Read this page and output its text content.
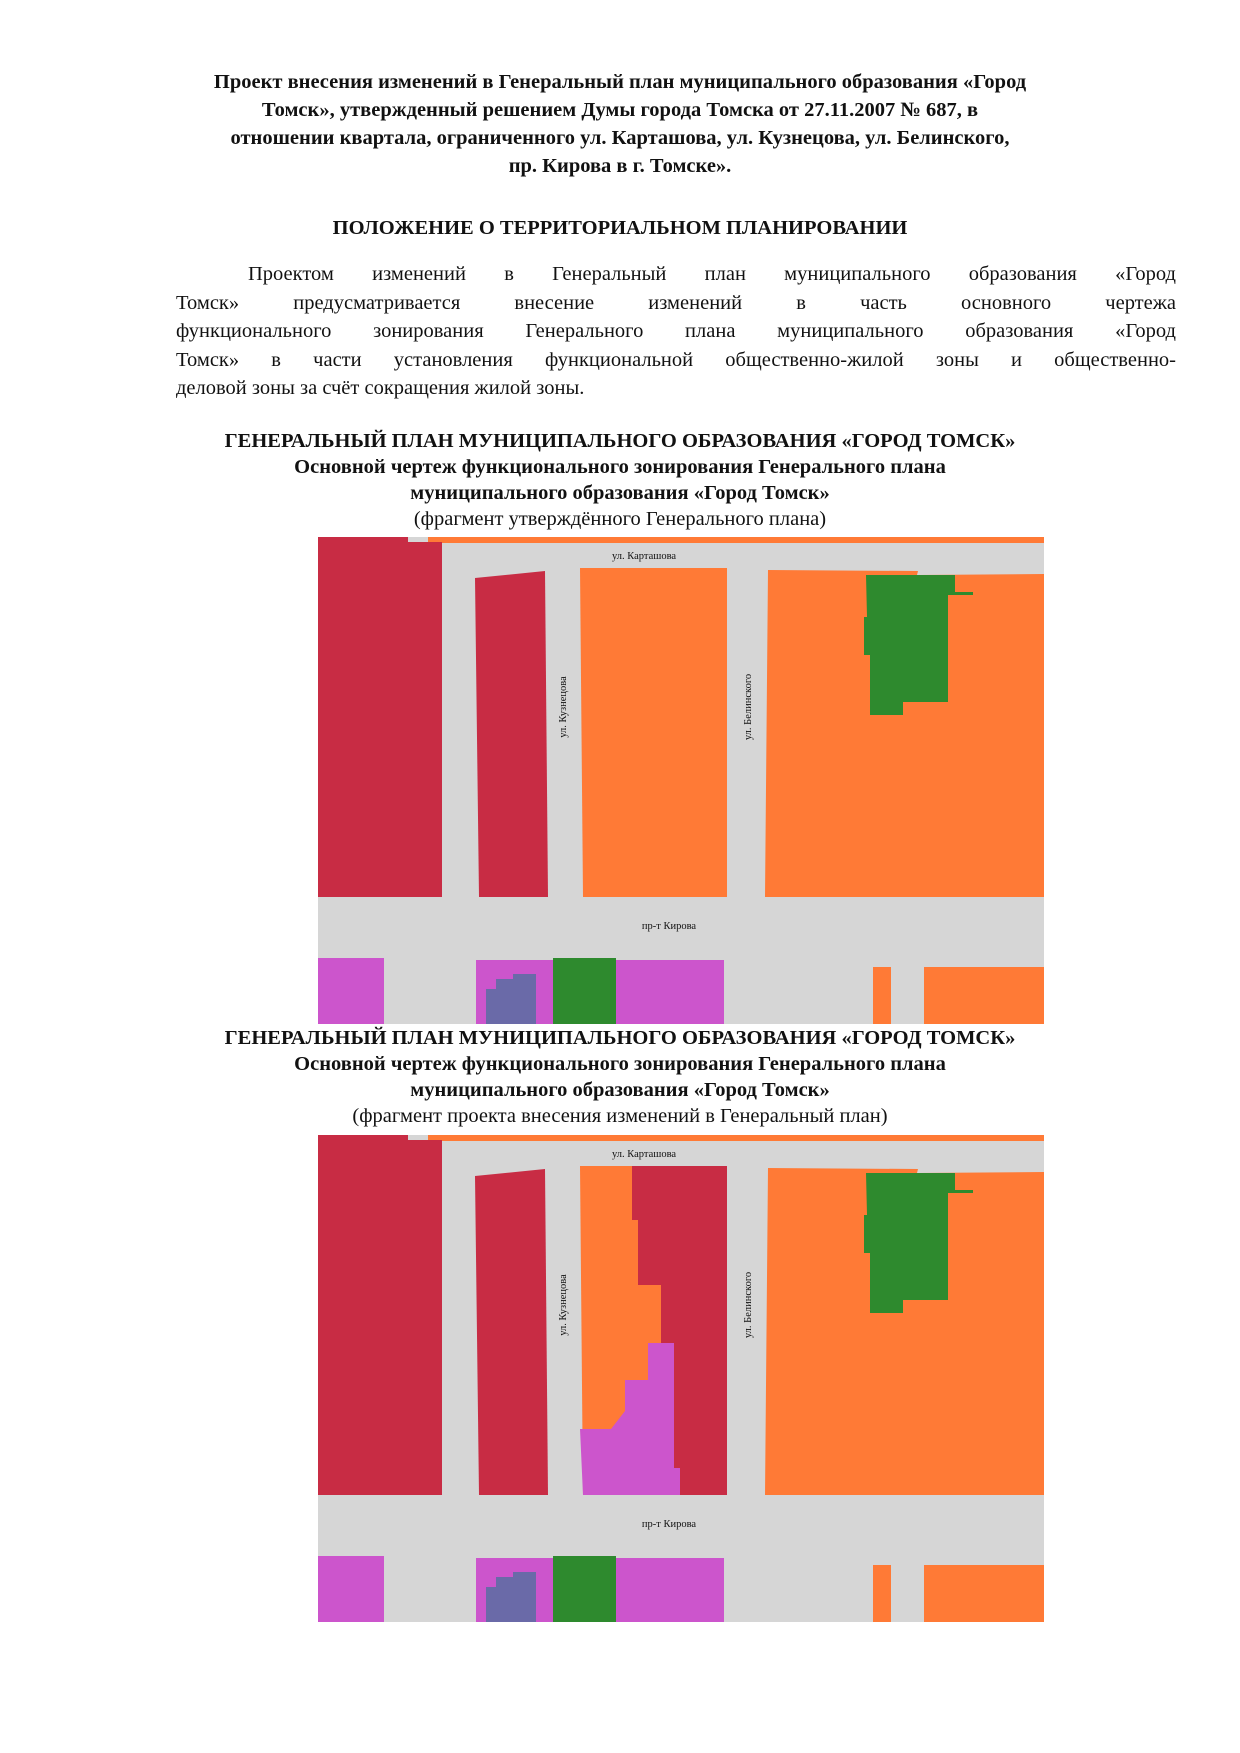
Проект внесения изменений в Генеральный план муниципального образования «Город
Томск», утвержденный решением Думы города Томска от 27.11.2007 № 687, в
отношении квартала, ограниченного ул. Карташова, ул. Кузнецова, ул. Белинского,
пр. Кирова в г. Томске».
ПОЛОЖЕНИЕ О ТЕРРИТОРИАЛЬНОМ ПЛАНИРОВАНИИ

Проектом изменений в Генеральный план муниципального образования «Город
Томск» предусматривается внесение изменений в часть основного чертежа
функционального зонирования Генерального плана муниципального образования «Город
Томск» в части установления функциональной общественно-жилой зоны и общественно-
деловой зоны за счёт сокращения жилой зоны.

ГЕНЕРАЛЬНЫЙ ПЛАН МУНИЦИПАЛЬНОГО ОБРАЗОВАНИЯ «ГОРОД ТОМСК»
Основной чертеж функционального зонирования Генерального плана
муниципального образования «Город Томск»
(фрагмент утверждённого Генерального плана)
ул. Карташова
пр-т Кирова
ул. Кузнецова	ул. Белинского
ГЕНЕРАЛЬНЫЙ ПЛАН МУНИЦИПАЛЬНОГО ОБРАЗОВАНИЯ «ГОРОД ТОМСК»
Основной чертеж функционального зонирования Генерального плана
муниципального образования «Город Томск»
(фрагмент проекта внесения изменений в Генеральный план)
ул. Карташова
пр-т Кирова
ул. Кузнецова	ул. Белинского
